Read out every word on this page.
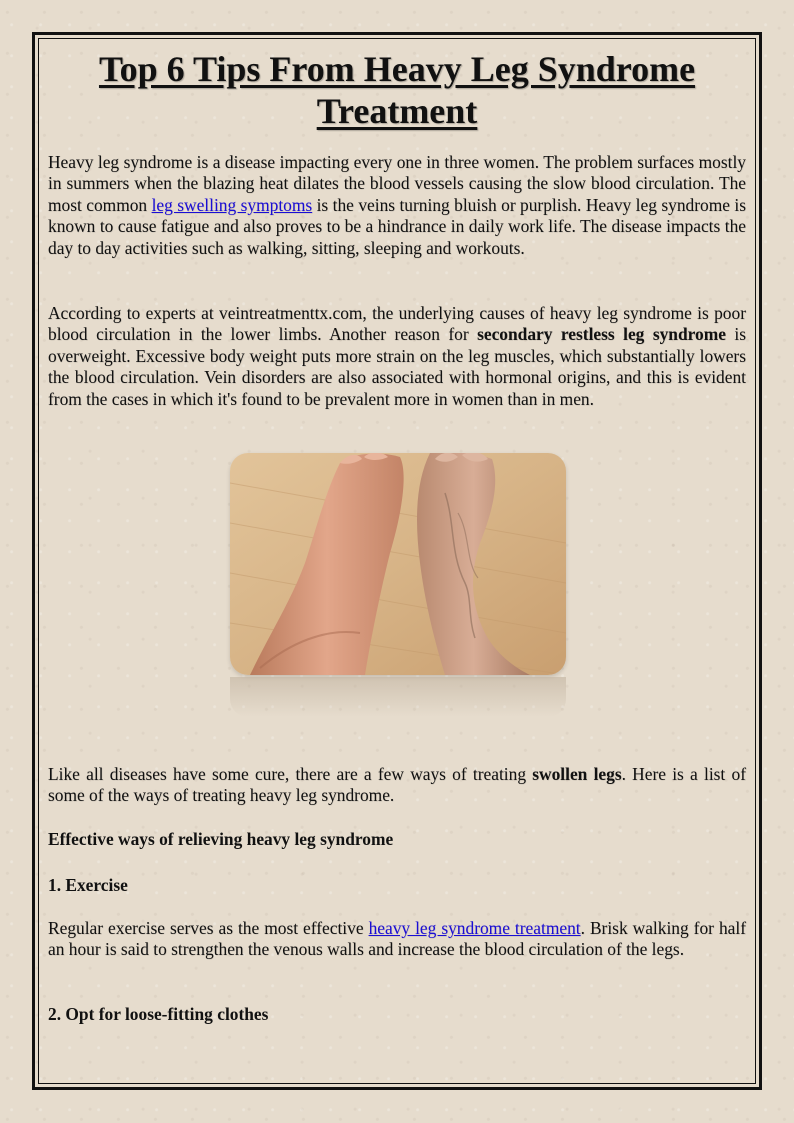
Top 6 Tips From Heavy Leg Syndrome Treatment

Heavy leg syndrome is a disease impacting every one in three women. The problem surfaces mostly in summers when the blazing heat dilates the blood vessels causing the slow blood circulation. The most common leg swelling symptoms is the veins turning bluish or purplish. Heavy leg syndrome is known to cause fatigue and also proves to be a hindrance in daily work life. The disease impacts the day to day activities such as walking, sitting, sleeping and workouts.

According to experts at veintreatmenttx.com, the underlying causes of heavy leg syndrome is poor blood circulation in the lower limbs. Another reason for secondary restless leg syndrome is overweight. Excessive body weight puts more strain on the leg muscles, which substantially lowers the blood circulation. Vein disorders are also associated with hormonal origins, and this is evident from the cases in which it's found to be prevalent more in women than in men.

Like all diseases have some cure, there are a few ways of treating swollen legs. Here is a list of some of the ways of treating heavy leg syndrome.

Effective ways of relieving heavy leg syndrome
1. Exercise

Regular exercise serves as the most effective heavy leg syndrome treatment. Brisk walking for half an hour is said to strengthen the venous walls and increase the blood circulation of the legs.

2. Opt for loose-fitting clothes
